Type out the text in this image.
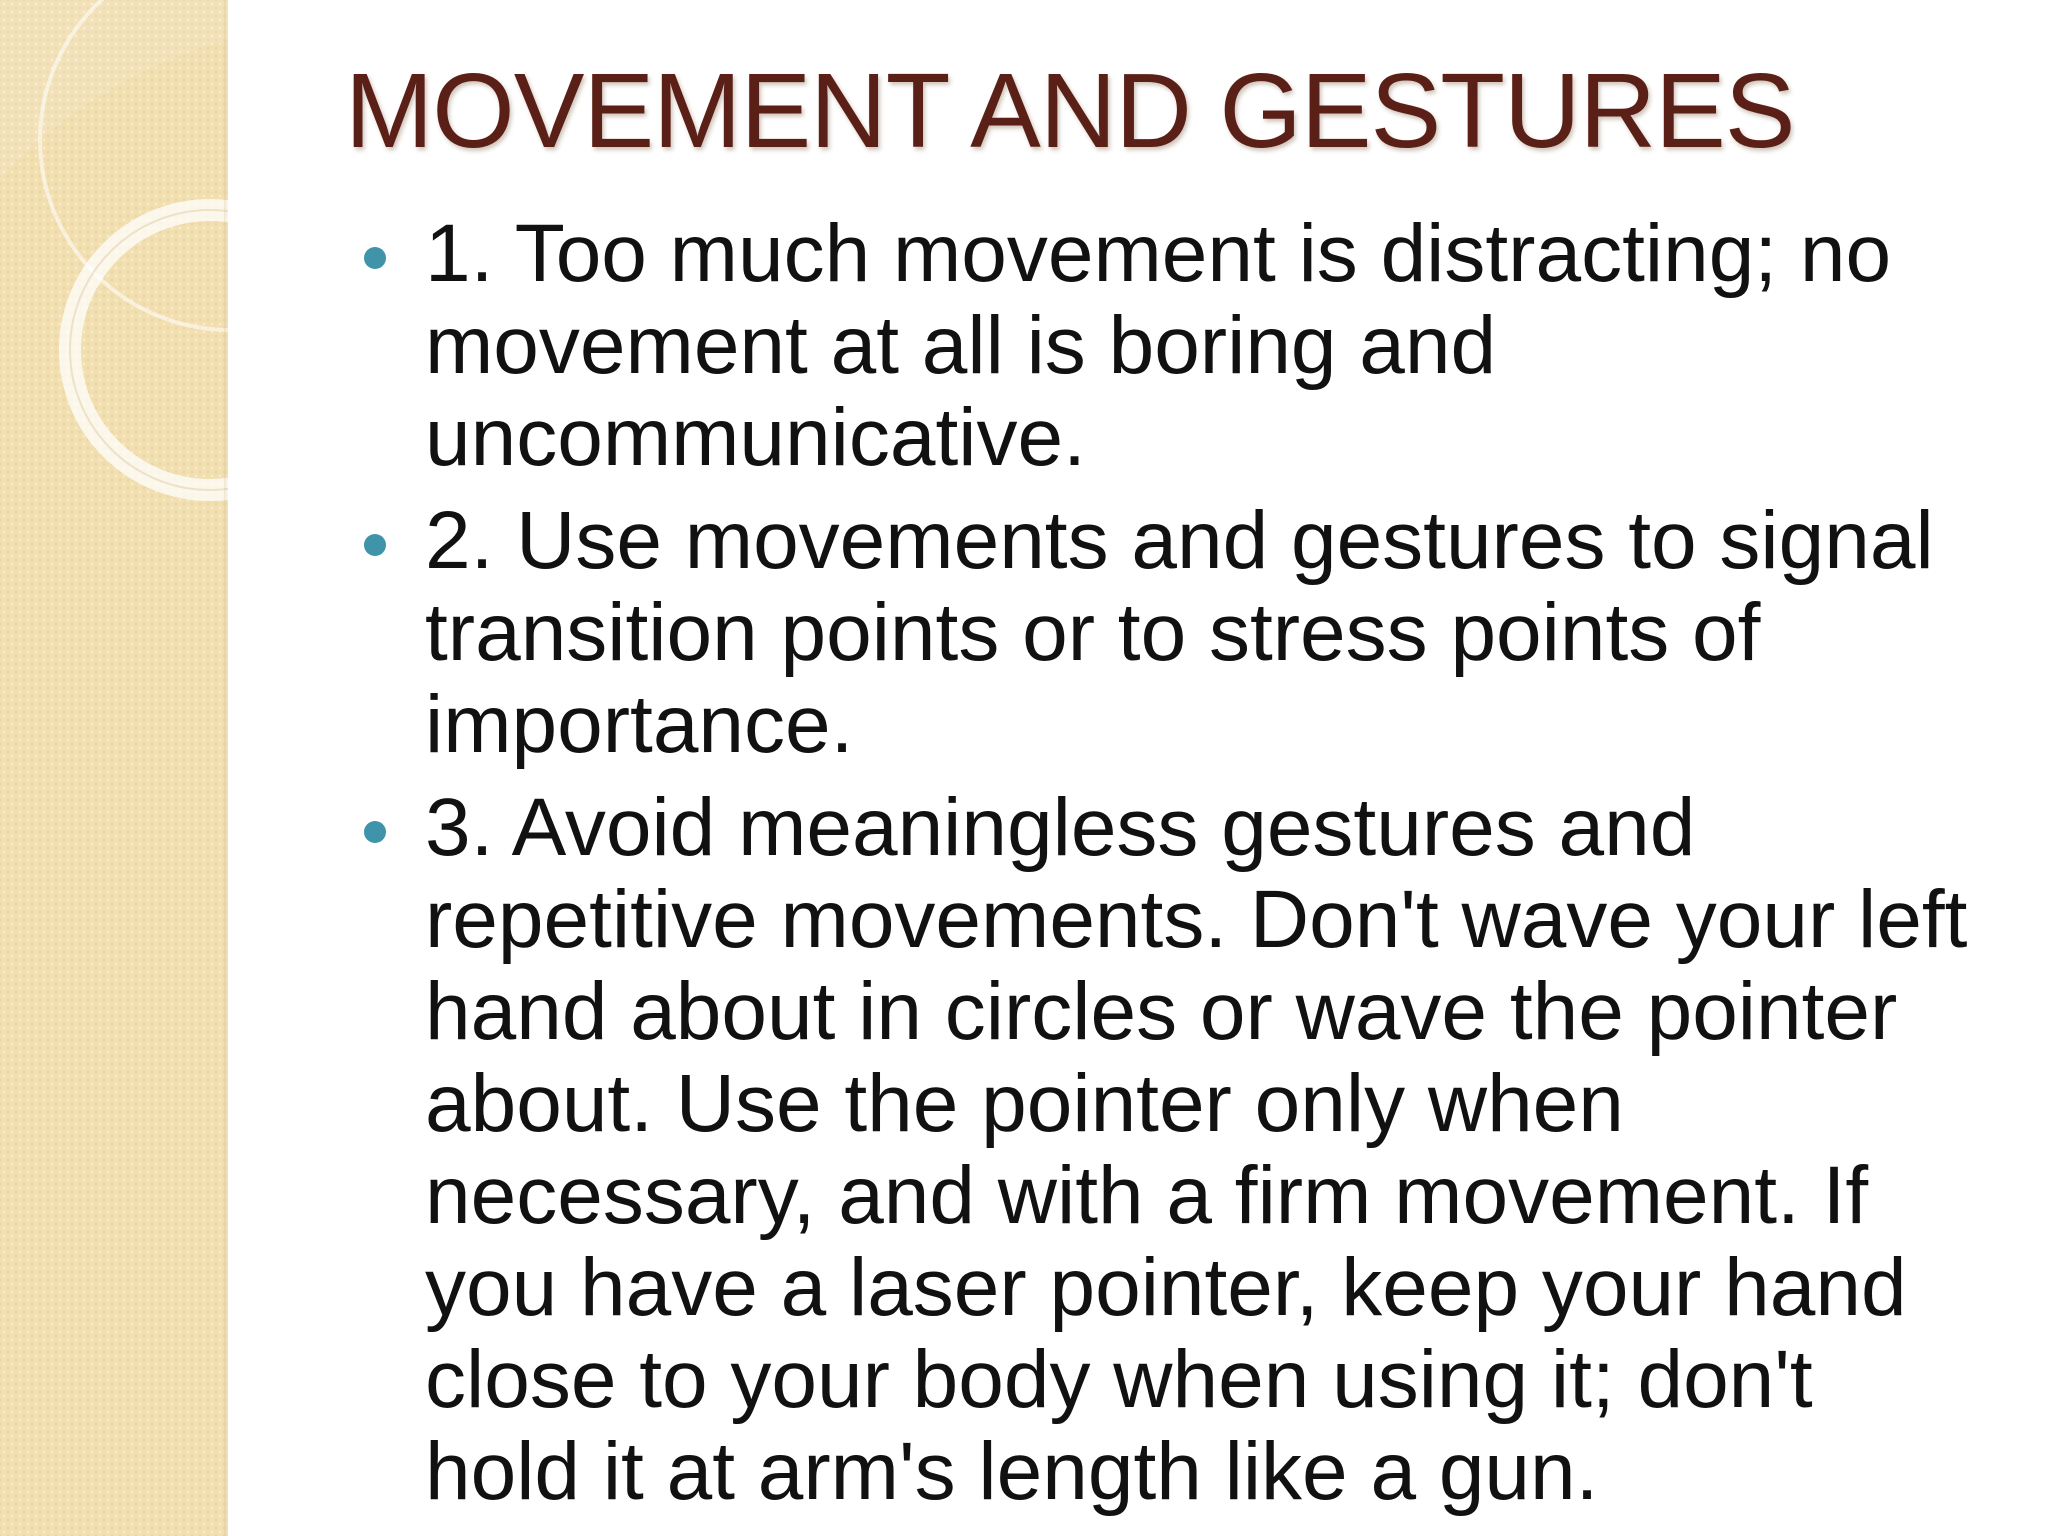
MOVEMENT AND GESTURES
1. Too much movement is distracting; no movement at all is boring and uncommunicative.
2. Use movements and gestures to signal transition points or to stress points of importance.
3. Avoid meaningless gestures and repetitive movements. Don't wave your left hand about in circles or wave the pointer about. Use the pointer only when necessary, and with a firm movement. If you have a laser pointer, keep your hand close to your body when using it; don't hold it at arm's length like a gun.
